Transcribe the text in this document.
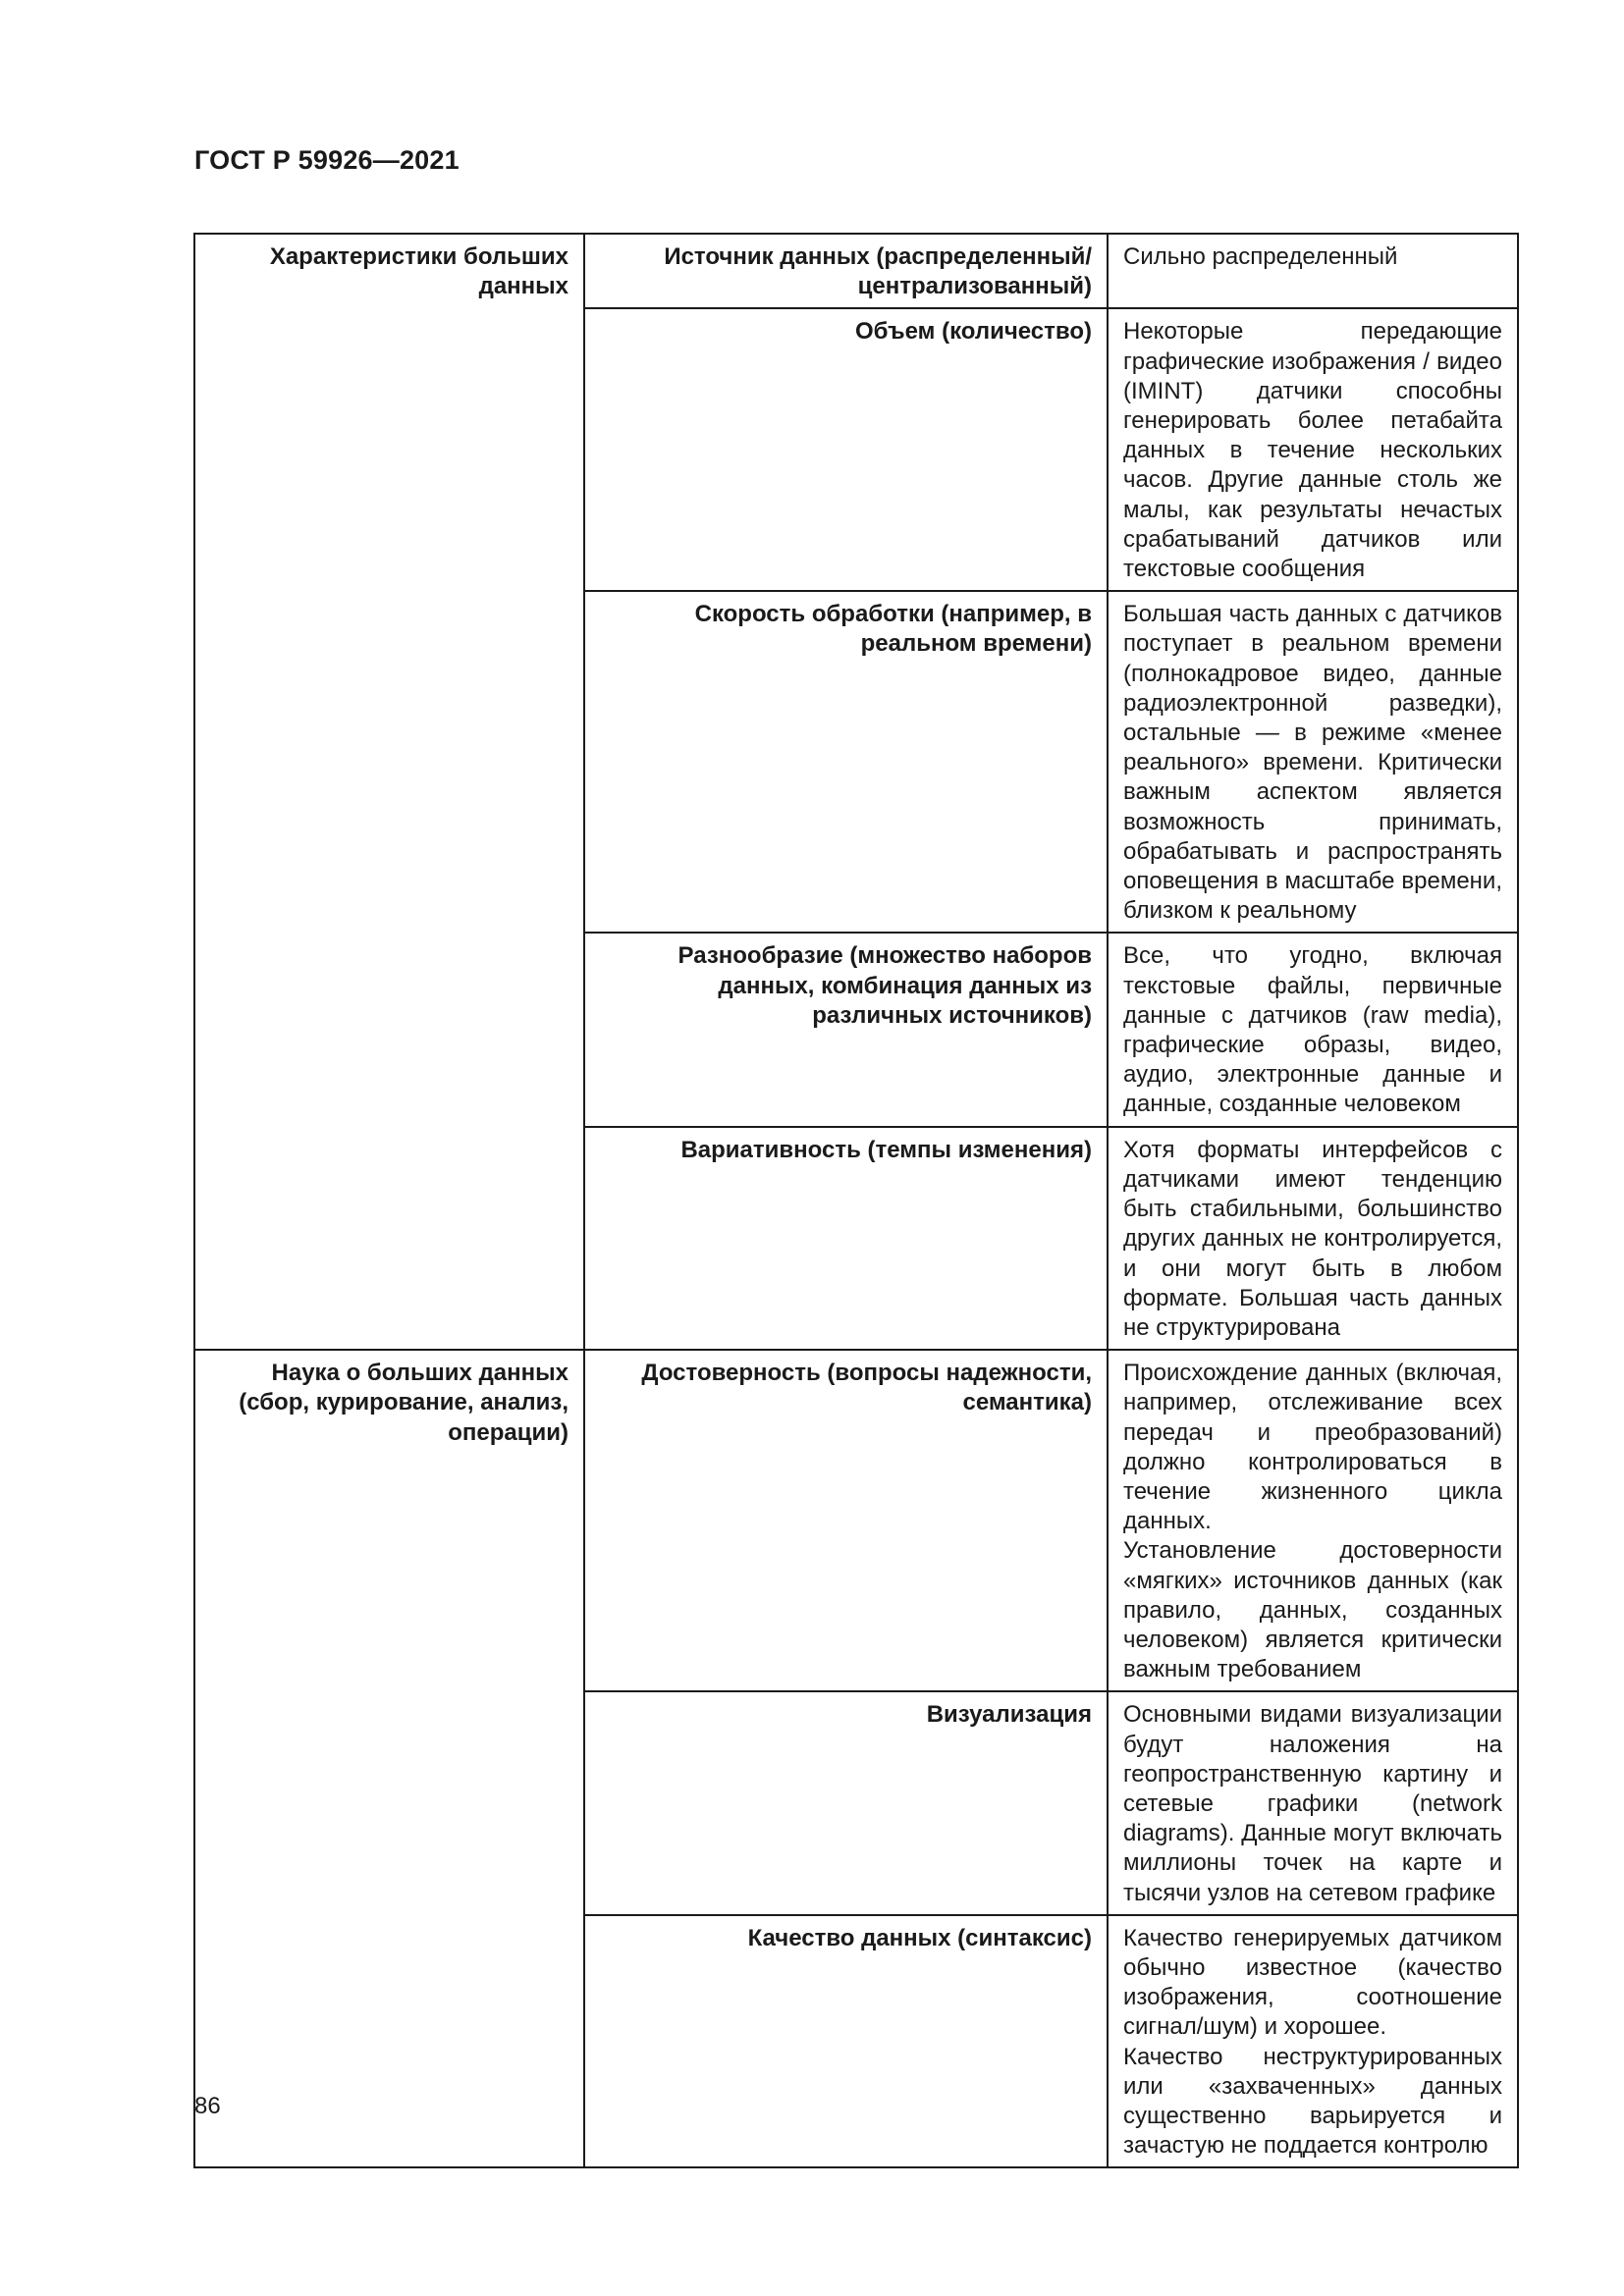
ГОСТ Р 59926—2021
Характеристики больших данных	Источник данных (распределенный/ централизованный)	Сильно распределенный
	Объем (количество)	Некоторые передающие графические изображения / видео (IMINT) датчики способны генерировать более петабайта данных в течение нескольких часов. Другие данные столь же малы, как результаты нечастых срабатываний датчиков или текстовые сообщения
	Скорость обработки (например, в реальном времени)	Большая часть данных с датчиков поступает в реальном времени (полнокадровое видео, данные радиоэлектронной разведки), остальные — в режиме «менее реального» времени. Критически важным аспектом является возможность принимать, обрабатывать и распространять оповещения в масштабе времени, близком к реальному
	Разнообразие (множество наборов данных, комбинация данных из различных источников)	Все, что угодно, включая текстовые файлы, первичные данные с датчиков (raw media), графические образы, видео, аудио, электронные данные и данные, созданные человеком
	Вариативность (темпы изменения)	Хотя форматы интерфейсов с датчиками имеют тенденцию быть стабильными, большинство других данных не контролируется, и они могут быть в любом формате. Большая часть данных не структурирована
Наука о больших данных (сбор, курирование, анализ, операции)	Достоверность (вопросы надежности, семантика)	Происхождение данных (включая, например, отслеживание всех передач и преобразований) должно контролироваться в течение жизненного цикла данных.
Установление достоверности «мягких» источников данных (как правило, данных, созданных человеком) является критически важным требованием

	Визуализация	Основными видами визуализации будут наложения на геопространственную картину и сетевые графики (network diagrams). Данные могут включать миллионы точек на карте и тысячи узлов на сетевом графике
	Качество данных (синтаксис)	Качество генерируемых датчиком обычно известное (качество изображения, соотношение сигнал/шум) и хорошее.
Качество неструктурированных или «захваченных» данных существенно варьируется и зачастую не поддается контролю
86
